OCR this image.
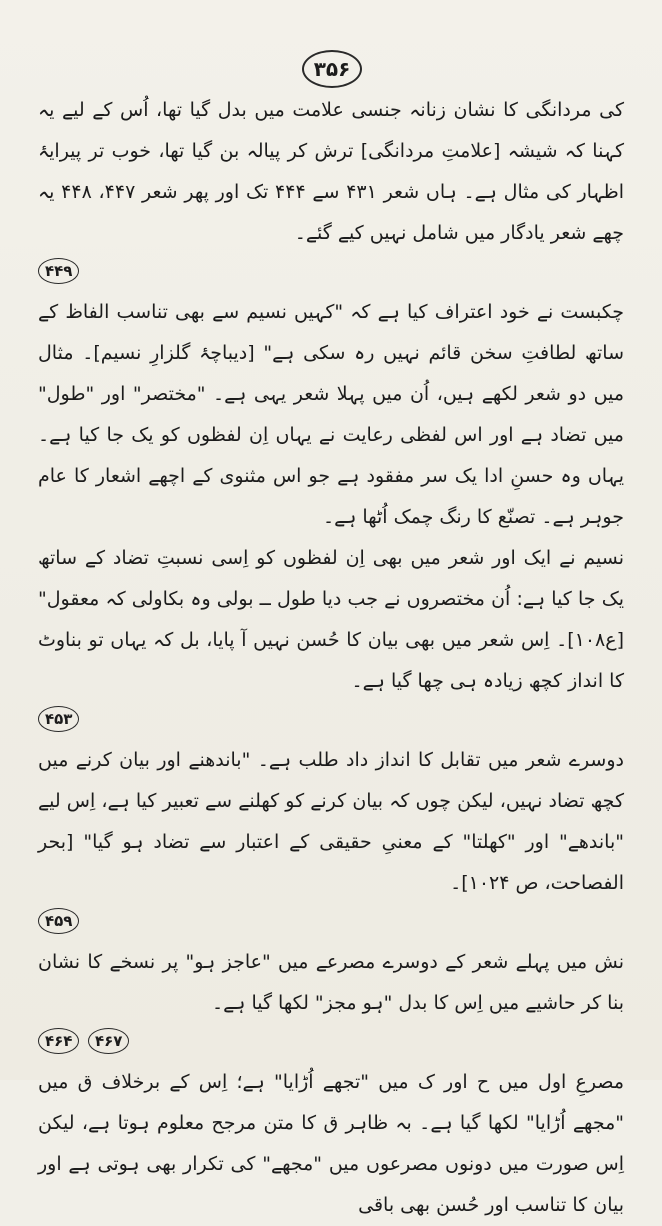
۳۵۶

کی مردانگی کا نشان زنانہ جنسی علامت میں بدل گیا تھا، اُس کے لیے یہ کہنا کہ شیشہ [علامتِ مردانگی] ترش کر پیالہ بن گیا تھا، خوب تر پیرایۂ اظہار کی مثال ہے۔ ہاں شعر ۴۳۱ سے ۴۴۴ تک اور پھر شعر ۴۴۷، ۴۴۸ یہ چھے شعر یادگار میں شامل نہیں کیے گئے۔

۴۴۹

چکبست نے خود اعتراف کیا ہے کہ "کہیں نسیم سے بھی تناسب الفاظ کے ساتھ لطافتِ سخن قائم نہیں رہ سکی ہے" [دیباچۂ گلزارِ نسیم]۔ مثال میں دو شعر لکھے ہیں، اُن میں پہلا شعر یہی ہے۔ "مختصر" اور "طول" میں تضاد ہے اور اس لفظی رعایت نے یہاں اِن لفظوں کو یک جا کیا ہے۔ یہاں وہ حسنِ ادا یک سر مفقود ہے جو اس مثنوی کے اچھے اشعار کا عام جوہر ہے۔ تصنّع کا رنگ چمک اُٹھا ہے۔

نسیم نے ایک اور شعر میں بھی اِن لفظوں کو اِسی نسبتِ تضاد کے ساتھ یک جا کیا ہے: اُن مختصروں نے جب دیا طول ــ بولی وہ بکاولی کہ معقول" [ع۱۰۸]۔ اِس شعر میں بھی بیان کا حُسن نہیں آ پایا، بل کہ یہاں تو بناوٹ کا انداز کچھ زیادہ ہی چھا گیا ہے۔

۴۵۳

دوسرے شعر میں تقابل کا انداز داد طلب ہے۔ "باندھنے اور بیان کرنے میں کچھ تضاد نہیں، لیکن چوں کہ بیان کرنے کو کھلنے سے تعبیر کیا ہے، اِس لیے "باندھے" اور "کھلتا" کے معنیِ حقیقی کے اعتبار سے تضاد ہو گیا" [بحر الفصاحت، ص ۱۰۲۴]۔

۴۵۹

نش میں پہلے شعر کے دوسرے مصرعے میں "عاجز ہو" پر نسخے کا نشان بنا کر حاشیے میں اِس کا بدل "ہو مجز" لکھا گیا ہے۔

۴۶۴	۴۶۷

مصرعِ اول میں ح اور ک میں "تجھے اُڑایا" ہے؛ اِس کے برخلاف ق میں "مجھے اُڑایا" لکھا گیا ہے۔ بہ ظاہر ق کا متن مرجح معلوم ہوتا ہے، لیکن اِس صورت میں دونوں مصرعوں میں "مجھے" کی تکرار بھی ہوتی ہے اور بیان کا تناسب اور حُسن بھی باقی
